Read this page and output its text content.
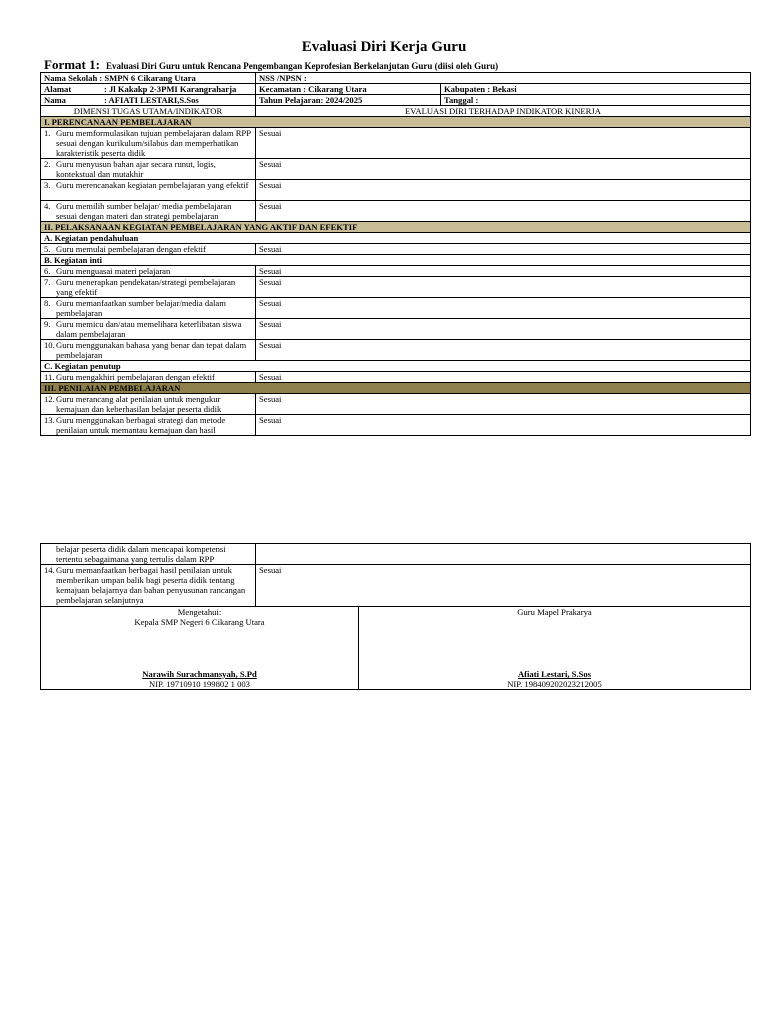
Evaluasi Diri Kerja Guru
Format 1: Evaluasi Diri Guru untuk Rencana Pengembangan Keprofesian Berkelanjutan Guru (diisi oleh Guru)
Nama Sekolah : SMPN 6 Cikarang Utara	NSS /NPSN :	
Alamat : Jl Kakakp 2-3PMI Karangraharja	Kecamatan : Cikarang Utara	Kabupaten : Bekasi
Nama : AFIATI LESTARI,S.Sos	Tahun Pelajaran: 2024/2025	Tanggal :
DIMENSI TUGAS UTAMA/INDIKATOR	EVALUASI DIRI TERHADAP INDIKATOR KINERJA	
I. PERENCANAAN PEMBELAJARAN		

1. Guru memformulasikan tujuan pembelajaran dalam RPP sesuai dengan kurikulum/silabus dan memperhatikan karakteristik peserta didik	Sesuai	

2. Guru menyusun bahan ajar secara runut, logis, kontekstual dan mutakhir	Sesuai	

3. Guru merencanakan kegiatan pembelajaran yang efektif	Sesuai	

4. Guru memilih sumber belajar/ media pembelajaran sesuai dengan materi dan strategi pembelajaran	Sesuai	
II. PELAKSANAAN KEGIATAN PEMBELAJARAN YANG AKTIF DAN EFEKTIF		
A. Kegiatan pendahuluan		

5. Guru memulai pembelajaran dengan efektif	Sesuai	
B. Kegiatan inti		

6. Guru menguasai materi pelajaran	Sesuai	

7. Guru menerapkan pendekatan/strategi pembelajaran yang efektif	Sesuai	

8. Guru memanfaatkan sumber belajar/media dalam pembelajaran	Sesuai	

9. Guru memicu dan/atau memelihara keterlibatan siswa dalam pembelajaran	Sesuai	

10. Guru menggunakan bahasa yang benar dan tepat dalam pembelajaran	Sesuai	
C. Kegiatan penutup		

11. Guru mengakhiri pembelajaran dengan efektif	Sesuai	
III. PENILAIAN PEMBELAJARAN		

12. Guru merancang alat penilaian untuk mengukur kemajuan dan keberhasilan belajar peserta didik	Sesuai	

13. Guru menggunakan berbagai strategi dan metode penilaian untuk memantau kemajuan dan hasil	Sesuai	
belajar peserta didik dalam mencapai kompetensi tertentu sebagaimana yang tertulis dalam RPP	

14. Guru memanfaatkan berbagai hasil penilaian untuk memberikan umpan balik bagi peserta didik tentang kemajuan belajarnya dan bahan penyusunan rancangan pembelajaran selanjutnya	Sesuai
Mengetahui:
Kepala SMP Negeri 6 Cikarang Utara
Narawih Surachmansyah, S.Pd
NIP. 19710910 199802 1 003

Guru Mapel Prakarya
Afiati Lestari, S.Sos
NIP. 198409202023212005
